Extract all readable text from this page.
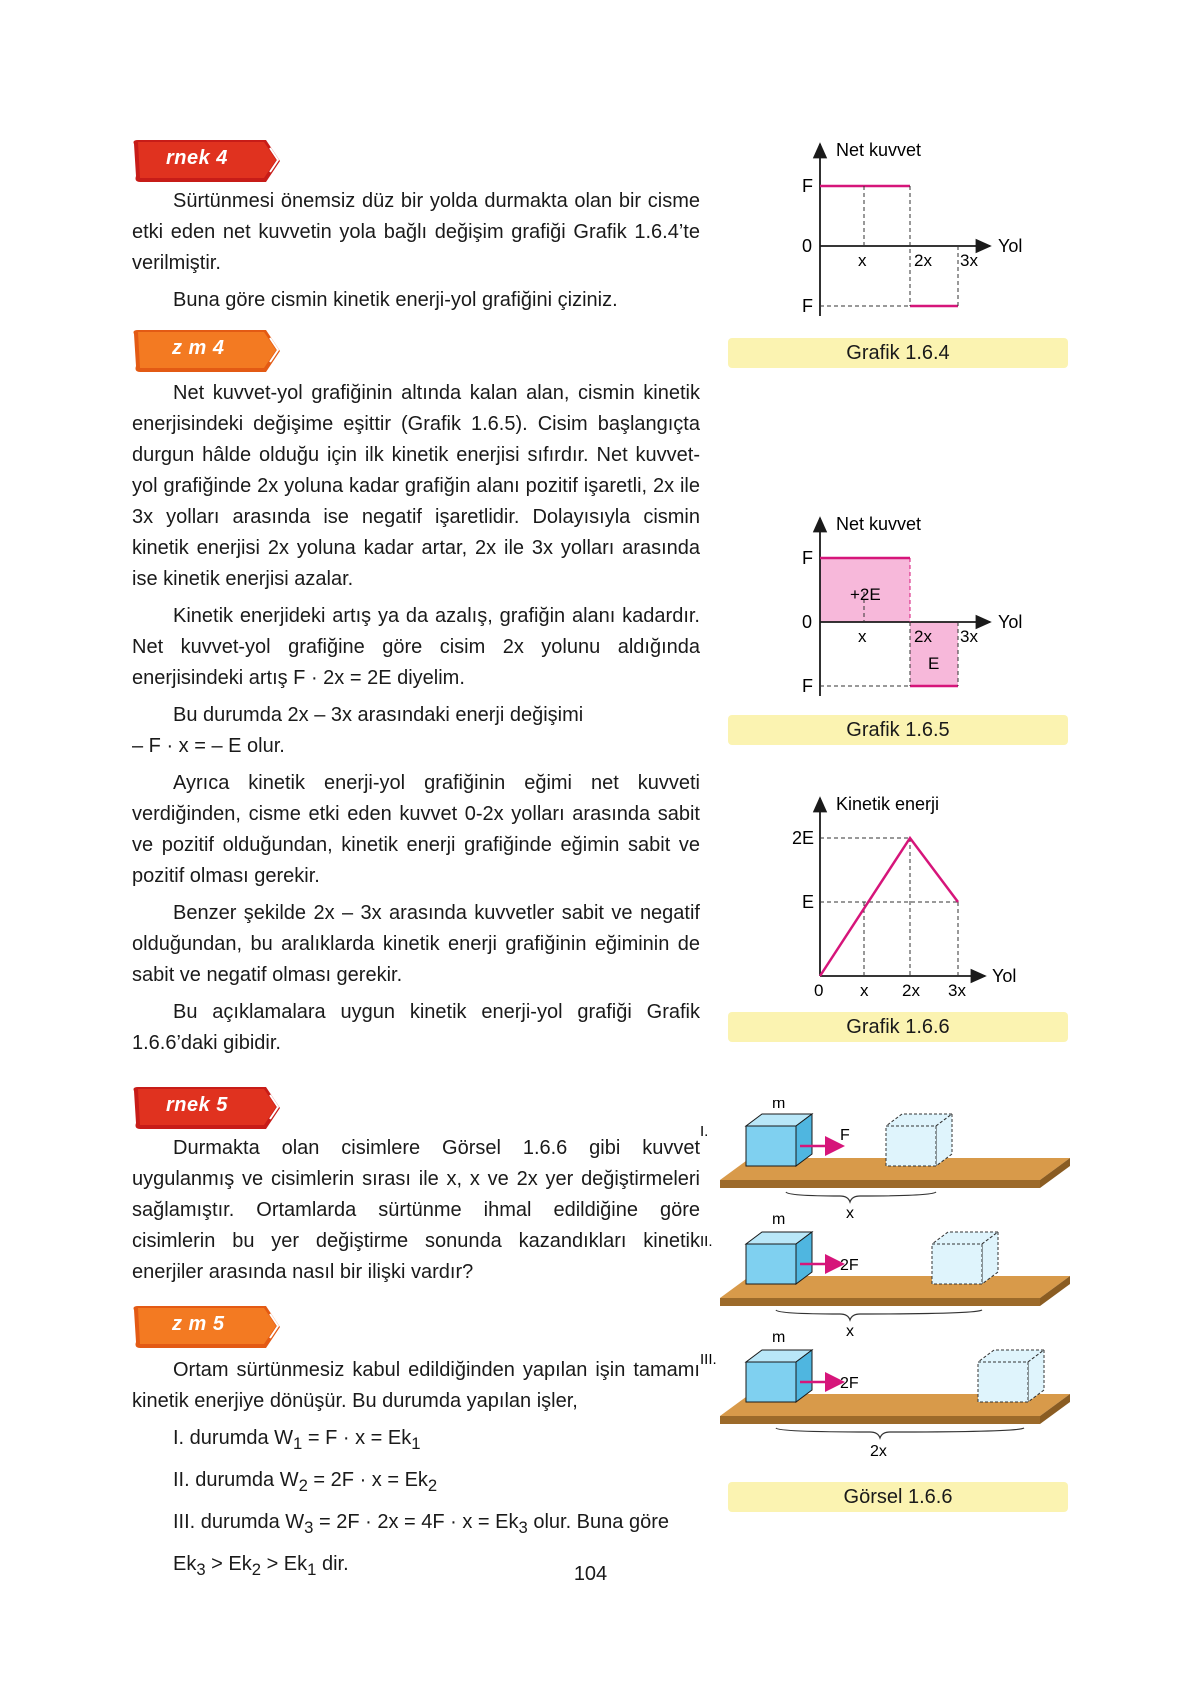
rnek 4

Sürtünmesi önemsiz düz bir yolda durmakta olan bir cisme etki eden net kuvvetin yola bağlı değişim grafiği Grafik 1.6.4’te verilmiştir.

Buna göre cismin kinetik enerji-yol grafiğini çiziniz.

z m 4

Net kuvvet-yol grafiğinin altında kalan alan, cismin kinetik enerjisindeki değişime eşittir (Grafik 1.6.5). Cisim başlangıçta durgun hâlde olduğu için ilk kinetik enerjisi sıfırdır. Net kuvvet-yol grafiğinde 2x yoluna kadar grafiğin alanı pozitif işaretli, 2x ile 3x yolları arasında ise negatif işaretlidir. Dolayısıyla cismin kinetik enerjisi 2x yoluna kadar artar, 2x ile 3x yolları arasında ise kinetik enerjisi azalar.

Kinetik enerjideki artış ya da azalış, grafiğin alanı kadardır. Net kuvvet-yol grafiğine göre cisim 2x yolunu aldığında enerjisindeki artış F · 2x = 2E diyelim.

Bu durumda 2x – 3x arasındaki enerji değişimi

– F · x = – E olur.

Ayrıca kinetik enerji-yol grafiğinin eğimi net kuvveti verdiğinden, cisme etki eden kuvvet 0-2x yolları arasında sabit ve pozitif olduğundan, kinetik enerji grafiğinde eğimin sabit ve pozitif olması gerekir.

Benzer şekilde 2x – 3x arasında kuvvetler sabit ve negatif olduğundan, bu aralıklarda kinetik enerji grafiğinin eğiminin de sabit ve negatif olması gerekir.

Bu açıklamalara uygun kinetik enerji-yol grafiği Grafik 1.6.6’daki gibidir.

rnek 5

Durmakta olan cisimlere Görsel 1.6.6 gibi kuvvet uygulanmış ve cisimlerin sırası ile x, x ve 2x yer değiştirmeleri sağlamıştır. Ortamlarda sürtünme ihmal edildiğine göre cisimlerin bu yer değiştirme sonunda kazandıkları kinetik enerjiler arasında nasıl bir ilişki vardır?

z m 5

Ortam sürtünmesiz kabul edildiğinden yapılan işin tamamı kinetik enerjiye dönüşür. Bu durumda yapılan işler,

I. durumda $W_1 = F \cdot x = Ek_1$

II. durumda $W_2 = 2F \cdot x = Ek_2$

III. durumda $W_3 = 2F \cdot 2x = 4F \cdot x = Ek_3$ olur. Buna göre

$Ek_3 > Ek_2 > Ek_1$ dir.

Net kuvvet
Yol
F
0
F
x	2x 3x
Grafik 1.6.4
Net kuvvet
Yol
F
0
F
+2E
E
x	2x 3x
Grafik 1.6.5
Kinetik enerji
Yol
2E
E
0 x 2x 3x
Grafik 1.6.6
I.
m
F
x
II.
m
2F
x
III.
m
2F
2x
Görsel 1.6.6
104
